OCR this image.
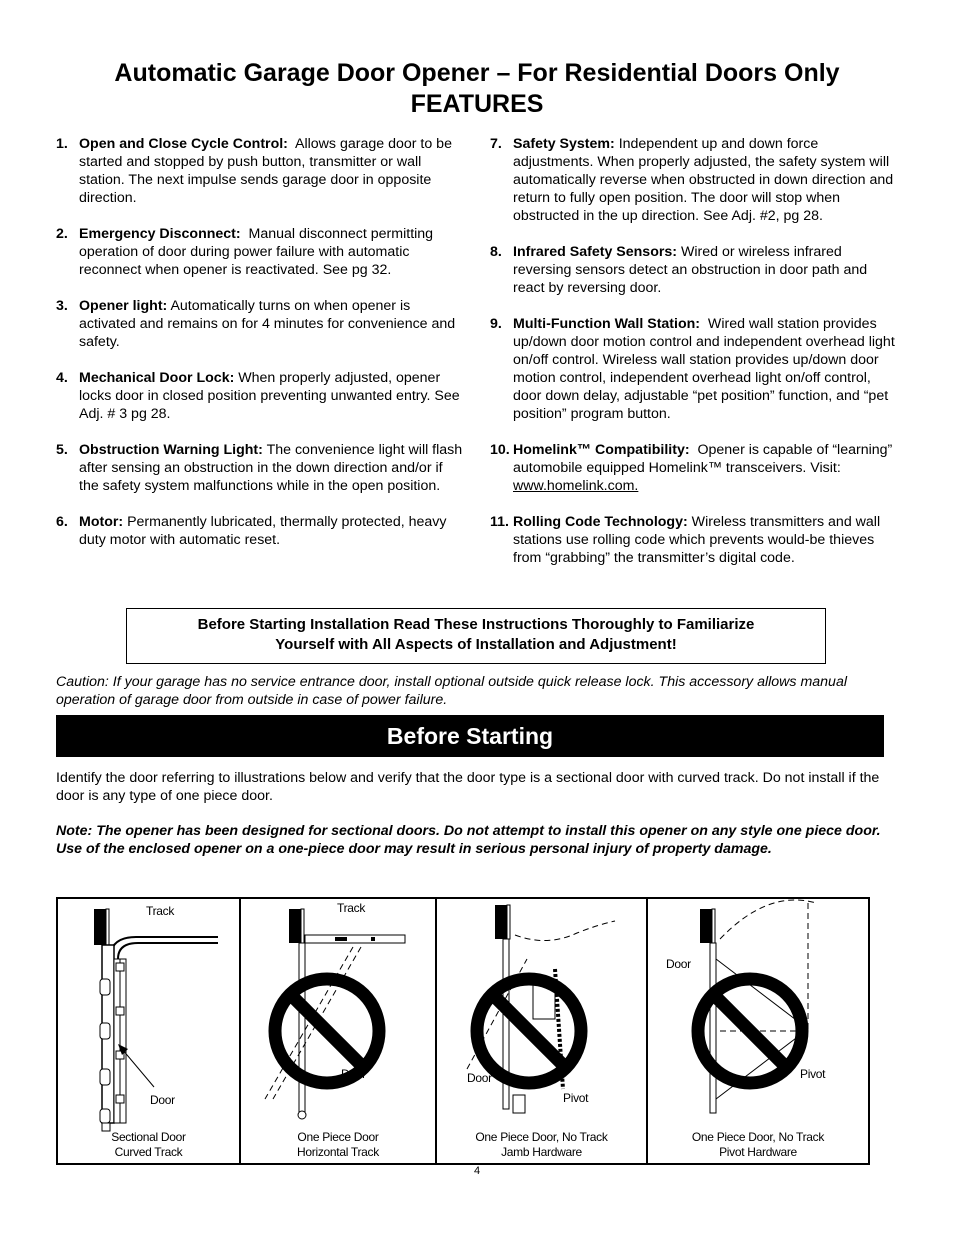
Automatic Garage Door Opener – For Residential Doors Only
FEATURES
1. Open and Close Cycle Control: Allows garage door to be started and stopped by push button, transmitter or wall station. The next impulse sends garage door in opposite direction.
2. Emergency Disconnect: Manual disconnect permitting operation of door during power failure with automatic reconnect when opener is reactivated. See pg 32.
3. Opener light: Automatically turns on when opener is activated and remains on for 4 minutes for convenience and safety.
4. Mechanical Door Lock: When properly adjusted, opener locks door in closed position preventing unwanted entry. See Adj. # 3 pg 28.
5. Obstruction Warning Light: The convenience light will flash after sensing an obstruction in the down direction and/or if the safety system malfunctions while in the open position.
6. Motor: Permanently lubricated, thermally protected, heavy duty motor with automatic reset.
7. Safety System: Independent up and down force adjustments. When properly adjusted, the safety system will automatically reverse when obstructed in down direction and return to fully open position. The door will stop when obstructed in the up direction. See Adj. #2, pg 28.
8. Infrared Safety Sensors: Wired or wireless infrared reversing sensors detect an obstruction in door path and react by reversing door.
9. Multi-Function Wall Station: Wired wall station provides up/down door motion control and independent overhead light on/off control. Wireless wall station provides up/down door motion control, independent overhead light on/off control, door down delay, adjustable “pet position” function, and “pet position” program button.
10. Homelink™ Compatibility: Opener is capable of “learning” automobile equipped Homelink™ transceivers. Visit: www.homelink.com.
11. Rolling Code Technology: Wireless transmitters and wall stations use rolling code which prevents would-be thieves from “grabbing” the transmitter’s digital code.
Before Starting Installation Read These Instructions Thoroughly to Familiarize
Yourself with All Aspects of Installation and Adjustment!
Caution: If your garage has no service entrance door, install optional outside quick release lock. This accessory allows manual operation of garage door from outside in case of power failure.
Before Starting
Identify the door referring to illustrations below and verify that the door type is a sectional door with curved track. Do not install if the door is any type of one piece door.
Note: The opener has been designed for sectional doors. Do not attempt to install this opener on any style one piece door. Use of the enclosed opener on a one-piece door may result in serious personal injury of property damage.
Track
Door
Sectional Door
Curved Track
Track
Door
One Piece Door
Horizontal Track
Door
Pivot
One Piece Door, No Track
Jamb Hardware
Door
Pivot
One Piece Door, No Track
Pivot Hardware
4
